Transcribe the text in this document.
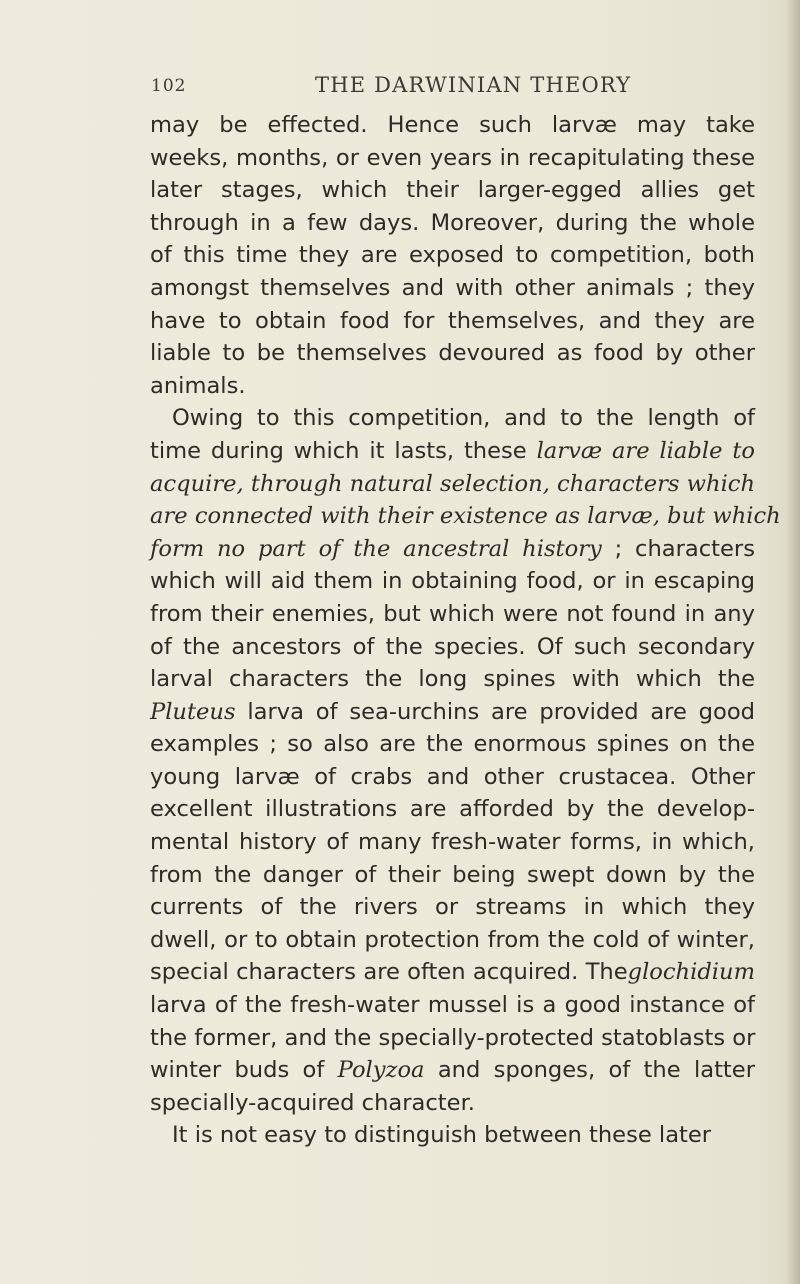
102	THE DARWINIAN THEORY
may be effected. Hence such larvæ may take
weeks, months, or even years in recapitulating these
later stages, which their larger-egged allies get
through in a few days. Moreover, during the whole
of this time they are exposed to competition, both
amongst themselves and with other animals ; they
have to obtain food for themselves, and they are
liable to be themselves devoured as food by other
animals.
Owing to this competition, and to the length of
time during which it lasts, these larvæ are liable to
acquire, through natural selection, characters which
are connected with their existence as larvæ, but which
form no part of the ancestral history ; characters
which will aid them in obtaining food, or in escaping
from their enemies, but which were not found in any
of the ancestors of the species. Of such secondary
larval characters the long spines with which the
Pluteus larva of sea-urchins are provided are good
examples ; so also are the enormous spines on the
young larvæ of crabs and other crustacea. Other
excellent illustrations are afforded by the develop-
mental history of many fresh-water forms, in which,
from the danger of their being swept down by the
currents of the rivers or streams in which they
dwell, or to obtain protection from the cold of winter,
special characters are often acquired. Theglochidium
larva of the fresh-water mussel is a good instance of
the former, and the specially-protected statoblasts or
winter buds of Polyzoa and sponges, of the latter
specially-acquired character.
It is not easy to distinguish between these later
